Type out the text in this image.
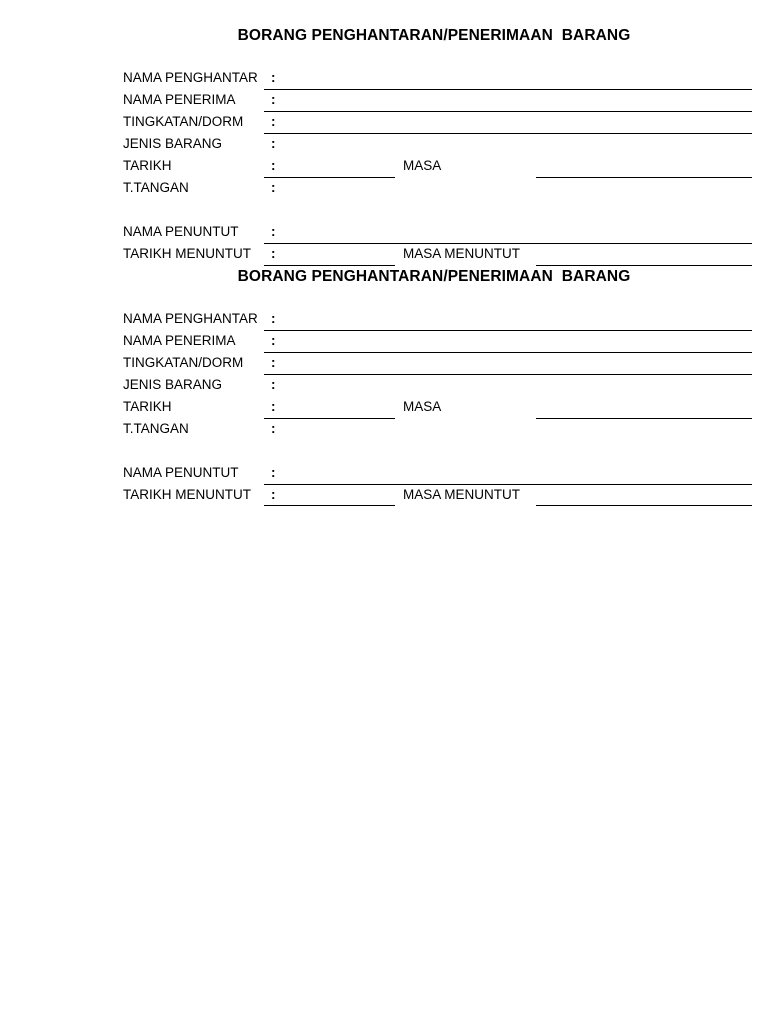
BORANG PENGHANTARAN/PENERIMAAN  BARANG
NAMA PENGHANTAR :
NAMA PENERIMA	:
TINGKATAN/DORM :
JENIS BARANG	:
TARIKH	:	MASA
T.TANGAN	:
NAMA PENUNTUT :
TARIKH MENUNTUT :	MASA MENUNTUT
BORANG PENGHANTARAN/PENERIMAAN  BARANG
NAMA PENGHANTAR :
NAMA PENERIMA	:
TINGKATAN/DORM :
JENIS BARANG	:
TARIKH	:	MASA
T.TANGAN	:
NAMA PENUNTUT :
TARIKH MENUNTUT :	MASA MENUNTUT
